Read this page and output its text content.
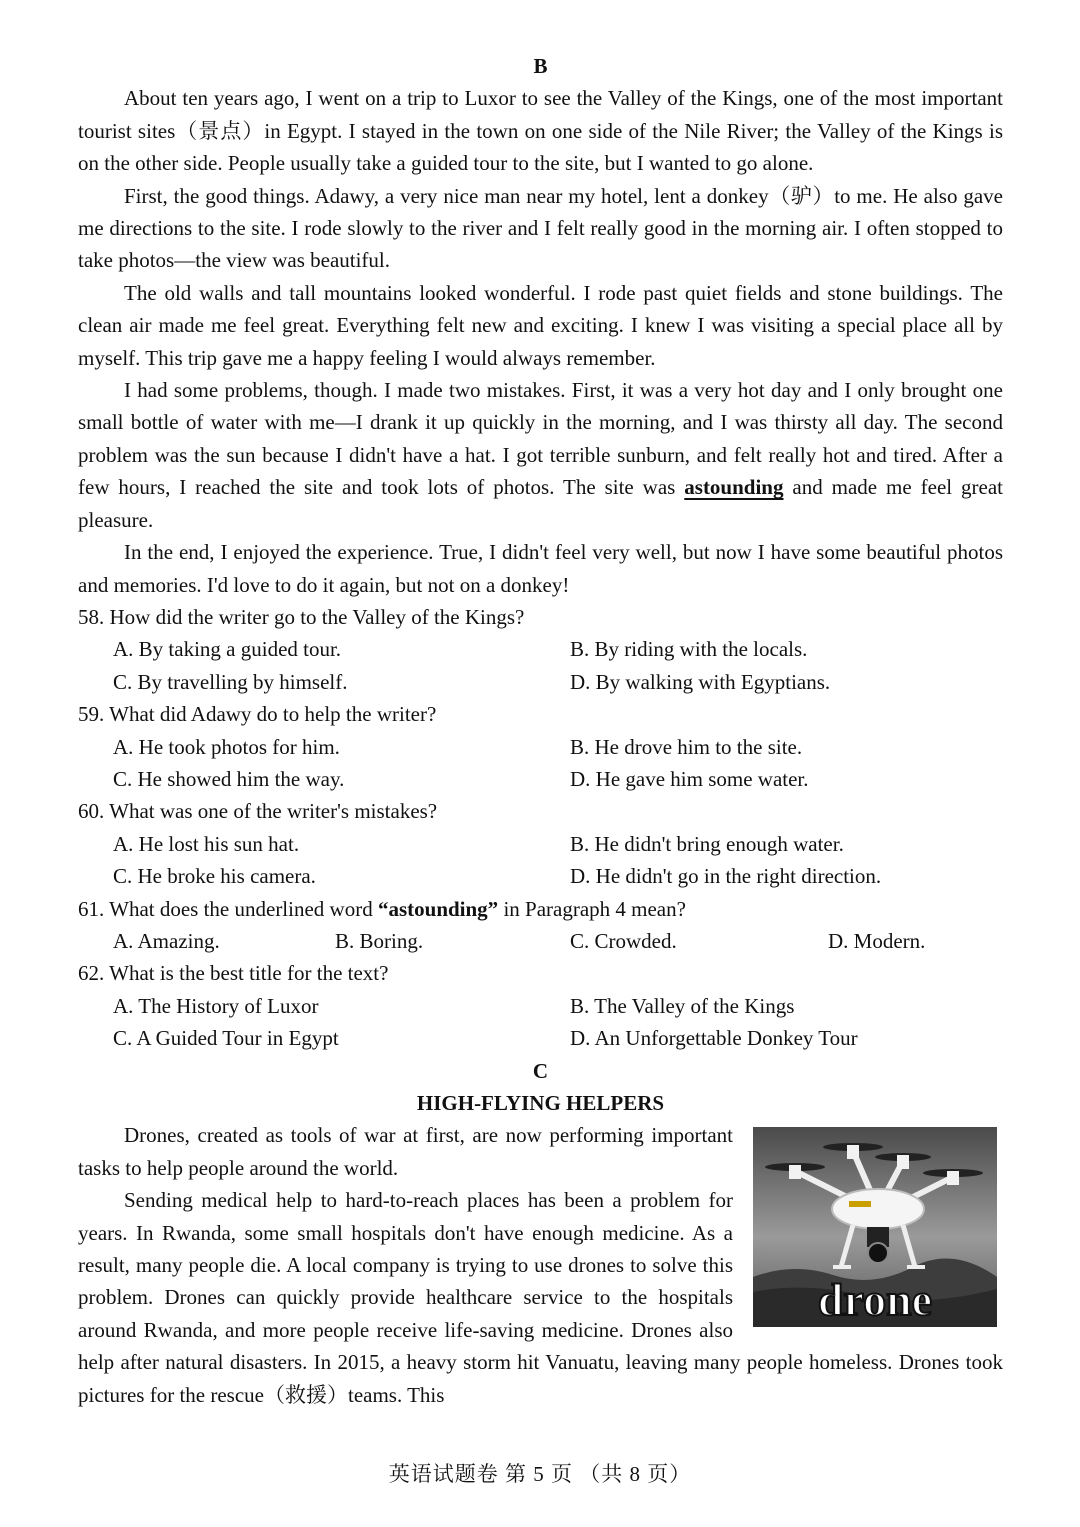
B

About ten years ago, I went on a trip to Luxor to see the Valley of the Kings, one of the most important tourist sites（景点）in Egypt. I stayed in the town on one side of the Nile River; the Valley of the Kings is on the other side. People usually take a guided tour to the site, but I wanted to go alone.

First, the good things. Adawy, a very nice man near my hotel, lent a donkey（驴）to me. He also gave me directions to the site. I rode slowly to the river and I felt really good in the morning air. I often stopped to take photos—the view was beautiful.

The old walls and tall mountains looked wonderful. I rode past quiet fields and stone buildings. The clean air made me feel great. Everything felt new and exciting. I knew I was visiting a special place all by myself. This trip gave me a happy feeling I would always remember.

I had some problems, though. I made two mistakes. First, it was a very hot day and I only brought one small bottle of water with me—I drank it up quickly in the morning, and I was thirsty all day. The second problem was the sun because I didn't have a hat. I got terrible sunburn, and felt really hot and tired. After a few hours, I reached the site and took lots of photos. The site was astounding and made me feel great pleasure.

In the end, I enjoyed the experience. True, I didn't feel very well, but now I have some beautiful photos and memories. I'd love to do it again, but not on a donkey!

58. How did the writer go to the Valley of the Kings?

A. By taking a guided tour.	B. By riding with the locals.
C. By travelling by himself.	D. By walking with Egyptians.

59. What did Adawy do to help the writer?

A. He took photos for him.	B. He drove him to the site.
C. He showed him the way.	D. He gave him some water.

60. What was one of the writer's mistakes?

A. He lost his sun hat.	B. He didn't bring enough water.
C. He broke his camera.	D. He didn't go in the right direction.

61. What does the underlined word “astounding” in Paragraph 4 mean?

A. Amazing.	B. Boring.	C. Crowded.	D. Modern.

62. What is the best title for the text?

A. The History of Luxor	B. The Valley of the Kings
C. A Guided Tour in Egypt	D. An Unforgettable Donkey Tour

C

HIGH-FLYING HELPERS

drone

Drones, created as tools of war at first, are now performing important tasks to help people around the world.

Sending medical help to hard-to-reach places has been a problem for years. In Rwanda, some small hospitals don't have enough medicine. As a result, many people die. A local company is trying to use drones to solve this problem. Drones can quickly provide healthcare service to the hospitals around Rwanda, and more people receive life-saving medicine. Drones also help after natural disasters. In 2015, a heavy storm hit Vanuatu, leaving many people homeless. Drones took pictures for the rescue（救援）teams. This

英语试题卷 第 5 页 （共 8 页）
